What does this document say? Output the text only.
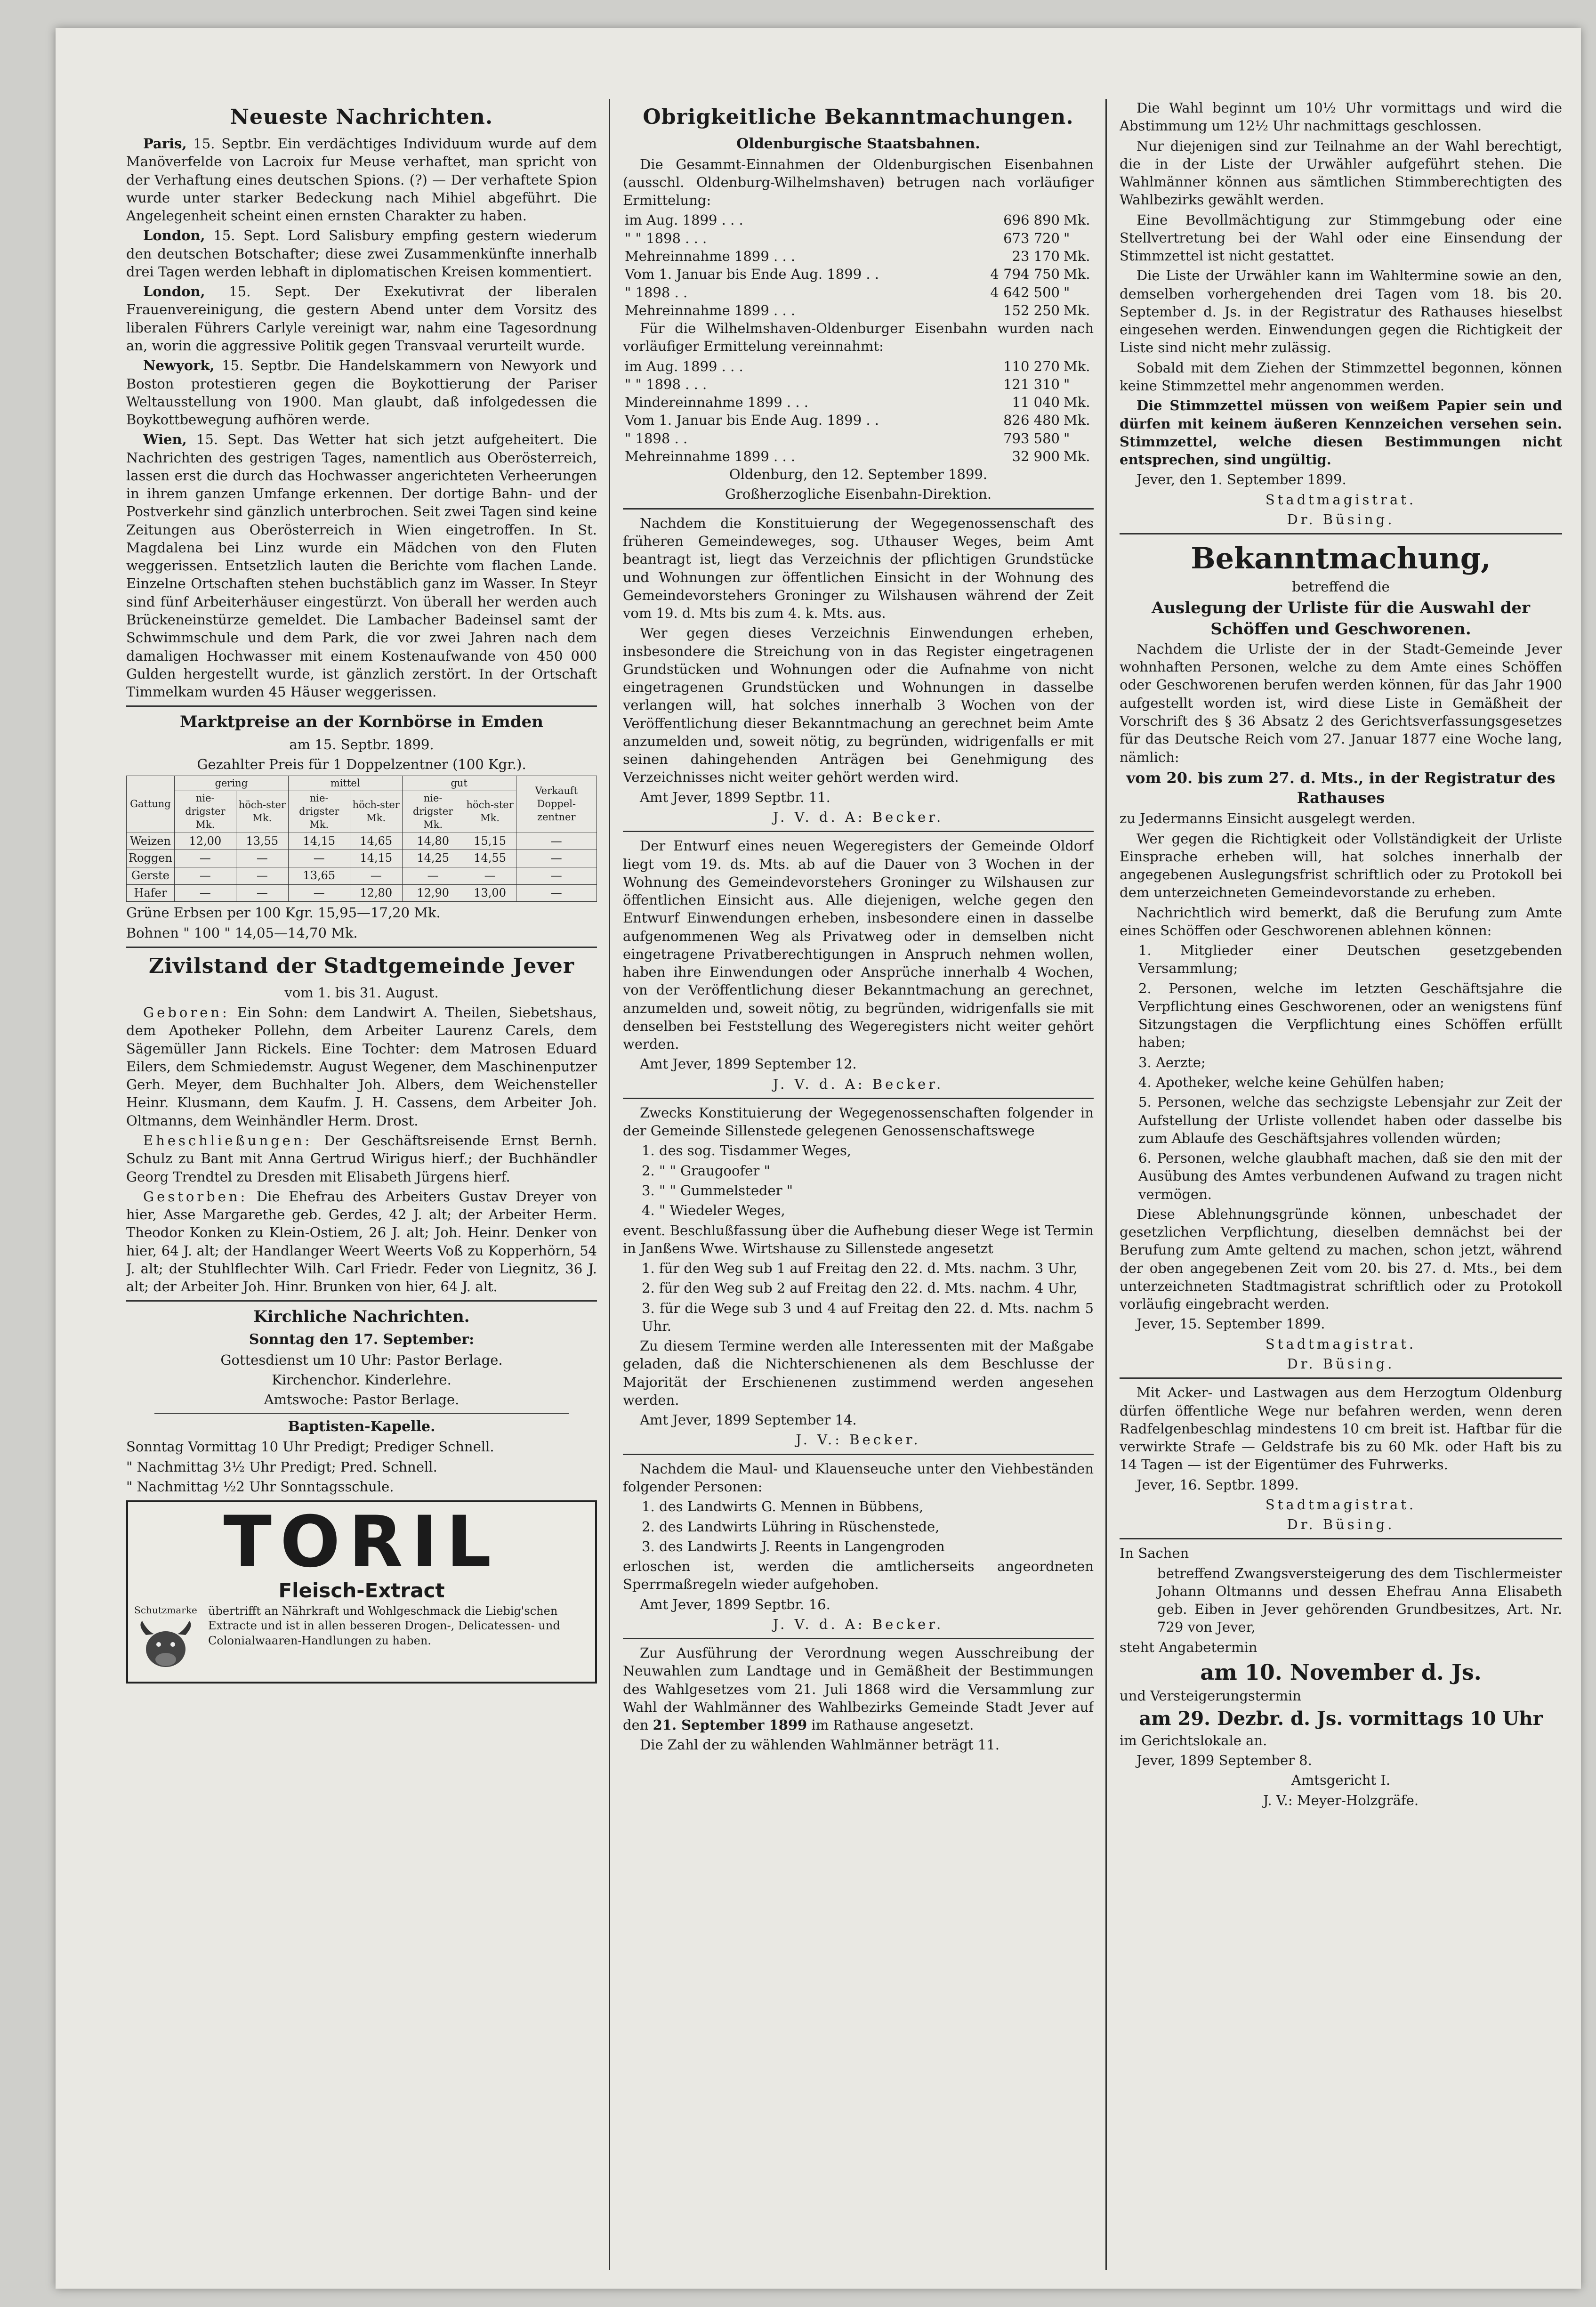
Neueste Nachrichten.

Paris, 15. Septbr. Ein verdächtiges Individuum wurde auf dem Manöverfelde von Lacroix fur Meuse verhaftet, man spricht von der Verhaftung eines deutschen Spions. (?) — Der verhaftete Spion wurde unter starker Bedeckung nach Mihiel abgeführt. Die Angelegenheit scheint einen ernsten Charakter zu haben.

London, 15. Sept. Lord Salisbury empfing gestern wiederum den deutschen Botschafter; diese zwei Zusammenkünfte innerhalb drei Tagen werden lebhaft in diplomatischen Kreisen kommentiert.

London, 15. Sept. Der Exekutivrat der liberalen Frauenvereinigung, die gestern Abend unter dem Vorsitz des liberalen Führers Carlyle vereinigt war, nahm eine Tagesordnung an, worin die aggressive Politik gegen Transvaal verurteilt wurde.

Newyork, 15. Septbr. Die Handelskammern von Newyork und Boston protestieren gegen die Boykottierung der Pariser Weltausstellung von 1900. Man glaubt, daß infolgedessen die Boykottbewegung aufhören werde.

Wien, 15. Sept. Das Wetter hat sich jetzt aufgeheitert. Die Nachrichten des gestrigen Tages, namentlich aus Oberösterreich, lassen erst die durch das Hochwasser angerichteten Verheerungen in ihrem ganzen Umfange erkennen. Der dortige Bahn- und der Postverkehr sind gänzlich unterbrochen. Seit zwei Tagen sind keine Zeitungen aus Oberösterreich in Wien eingetroffen. In St. Magdalena bei Linz wurde ein Mädchen von den Fluten weggerissen. Entsetzlich lauten die Berichte vom flachen Lande. Einzelne Ortschaften stehen buchstäblich ganz im Wasser. In Steyr sind fünf Arbeiterhäuser eingestürzt. Von überall her werden auch Brückeneinstürze gemeldet. Die Lambacher Badeinsel samt der Schwimmschule und dem Park, die vor zwei Jahren nach dem damaligen Hochwasser mit einem Kostenaufwande von 450 000 Gulden hergestellt wurde, ist gänzlich zerstört. In der Ortschaft Timmelkam wurden 45 Häuser weggerissen.

Marktpreise an der Kornbörse in Emden

am 15. Septbr. 1899.

Gezahlter Preis für 1 Doppelzentner (100 Kgr.).

Gattung	gering		mittel		gut		Verkauft Doppel-zentner
	nie-drigster Mk.	höch-ster Mk.	nie-drigster Mk.	höch-ster Mk.	nie-drigster Mk.	höch-ster Mk.	
Weizen	12,00	13,55	14,15	14,65	14,80	15,15	—
Roggen	—	—	—	14,15	14,25	14,55	—
Gerste	—	—	13,65	—	—	—	—
Hafer	—	—	—	12,80	12,90	13,00	—

Grüne Erbsen per 100 Kgr. 15,95—17,20 Mk.

Bohnen " 100 " 14,05—14,70 Mk.

Zivilstand der Stadtgemeinde Jever

vom 1. bis 31. August.

Geboren: Ein Sohn: dem Landwirt A. Theilen, Siebetshaus, dem Apotheker Pollehn, dem Arbeiter Laurenz Carels, dem Sägemüller Jann Rickels. Eine Tochter: dem Matrosen Eduard Eilers, dem Schmiedemstr. August Wegener, dem Maschinenputzer Gerh. Meyer, dem Buchhalter Joh. Albers, dem Weichensteller Heinr. Klusmann, dem Kaufm. J. H. Cassens, dem Arbeiter Joh. Oltmanns, dem Weinhändler Herm. Drost.

Eheschließungen: Der Geschäftsreisende Ernst Bernh. Schulz zu Bant mit Anna Gertrud Wirigus hierf.; der Buchhändler Georg Trendtel zu Dresden mit Elisabeth Jürgens hierf.

Gestorben: Die Ehefrau des Arbeiters Gustav Dreyer von hier, Asse Margarethe geb. Gerdes, 42 J. alt; der Arbeiter Herm. Theodor Konken zu Klein-Ostiem, 26 J. alt; Joh. Heinr. Denker von hier, 64 J. alt; der Handlanger Weert Weerts Voß zu Kopperhörn, 54 J. alt; der Stuhlflechter Wilh. Carl Friedr. Feder von Liegnitz, 36 J. alt; der Arbeiter Joh. Hinr. Brunken von hier, 64 J. alt.

Kirchliche Nachrichten.
Sonntag den 17. September:

Gottesdienst um 10 Uhr: Pastor Berlage.

Kirchenchor. Kinderlehre.

Amtswoche: Pastor Berlage.

Baptisten-Kapelle.

Sonntag Vormittag 10 Uhr Predigt; Prediger Schnell.

" Nachmittag 3½ Uhr Predigt; Pred. Schnell.

" Nachmittag ½2 Uhr Sonntagsschule.

TORIL
Fleisch-Extract
Schutzmarke übertrifft an Nährkraft und Wohlgeschmack die Liebig'schen Extracte und ist in allen besseren Drogen-, Delicatessen- und Colonialwaaren-Handlungen zu haben.
Obrigkeitliche Bekanntmachungen.
Oldenburgische Staatsbahnen.

Die Gesammt-Einnahmen der Oldenburgischen Eisenbahnen (ausschl. Oldenburg-Wilhelmshaven) betrugen nach vorläufiger Ermittelung:

im Aug. 1899 . . .	696 890	Mk.
" " 1898 . . .	673 720	"
Mehreinnahme 1899 . . .	23 170	Mk.
Vom 1. Januar bis Ende Aug. 1899 . .	4 794 750	Mk.
" 1898 . .	4 642 500	"
Mehreinnahme 1899 . . .	152 250	Mk.

Für die Wilhelmshaven-Oldenburger Eisenbahn wurden nach vorläufiger Ermittelung vereinnahmt:

im Aug. 1899 . . .	110 270	Mk.
" " 1898 . . .	121 310	"
Mindereinnahme 1899 . . .	11 040	Mk.
Vom 1. Januar bis Ende Aug. 1899 . .	826 480	Mk.
" 1898 . .	793 580	"
Mehreinnahme 1899 . . .	32 900	Mk.

Oldenburg, den 12. September 1899.

Großherzogliche Eisenbahn-Direktion.

Nachdem die Konstituierung der Wegegenossenschaft des früheren Gemeindeweges, sog. Uthauser Weges, beim Amt beantragt ist, liegt das Verzeichnis der pflichtigen Grundstücke und Wohnungen zur öffentlichen Einsicht in der Wohnung des Gemeindevorstehers Groninger zu Wilshausen während der Zeit vom 19. d. Mts bis zum 4. k. Mts. aus.

Wer gegen dieses Verzeichnis Einwendungen erheben, insbesondere die Streichung von in das Register eingetragenen Grundstücken und Wohnungen oder die Aufnahme von nicht eingetragenen Grundstücken und Wohnungen in dasselbe verlangen will, hat solches innerhalb 3 Wochen von der Veröffentlichung dieser Bekanntmachung an gerechnet beim Amte anzumelden und, soweit nötig, zu begründen, widrigenfalls er mit seinen dahingehenden Anträgen bei Genehmigung des Verzeichnisses nicht weiter gehört werden wird.

Amt Jever, 1899 Septbr. 11.

J. V. d. A: Becker.

Der Entwurf eines neuen Wegeregisters der Gemeinde Oldorf liegt vom 19. ds. Mts. ab auf die Dauer von 3 Wochen in der Wohnung des Gemeindevorstehers Groninger zu Wilshausen zur öffentlichen Einsicht aus. Alle diejenigen, welche gegen den Entwurf Einwendungen erheben, insbesondere einen in dasselbe aufgenommenen Weg als Privatweg oder in demselben nicht eingetragene Privatberechtigungen in Anspruch nehmen wollen, haben ihre Einwendungen oder Ansprüche innerhalb 4 Wochen, von der Veröffentlichung dieser Bekanntmachung an gerechnet, anzumelden und, soweit nötig, zu begründen, widrigenfalls sie mit denselben bei Feststellung des Wegeregisters nicht weiter gehört werden.

Amt Jever, 1899 September 12.

J. V. d. A: Becker.

Zwecks Konstituierung der Wegegenossenschaften folgender in der Gemeinde Sillenstede gelegenen Genossenschaftswege

1. des sog. Tisdammer Weges,

2. " " Graugoofer "

3. " " Gummelsteder "

4. " Wiedeler Weges,

event. Beschlußfassung über die Aufhebung dieser Wege ist Termin in Janßens Wwe. Wirtshause zu Sillenstede angesetzt

1. für den Weg sub 1 auf Freitag den 22. d. Mts. nachm. 3 Uhr,

2. für den Weg sub 2 auf Freitag den 22. d. Mts. nachm. 4 Uhr,

3. für die Wege sub 3 und 4 auf Freitag den 22. d. Mts. nachm 5 Uhr.

Zu diesem Termine werden alle Interessenten mit der Maßgabe geladen, daß die Nichterschienenen als dem Beschlusse der Majorität der Erschienenen zustimmend werden angesehen werden.

Amt Jever, 1899 September 14.

J. V.: Becker.

Nachdem die Maul- und Klauenseuche unter den Viehbeständen folgender Personen:

1. des Landwirts G. Mennen in Bübbens,

2. des Landwirts Lühring in Rüschenstede,

3. des Landwirts J. Reents in Langengroden

erloschen ist, werden die amtlicherseits angeordneten Sperrmaßregeln wieder aufgehoben.

Amt Jever, 1899 Septbr. 16.

J. V. d. A: Becker.

Zur Ausführung der Verordnung wegen Ausschreibung der Neuwahlen zum Landtage und in Gemäßheit der Bestimmungen des Wahlgesetzes vom 21. Juli 1868 wird die Versammlung zur Wahl der Wahlmänner des Wahlbezirks Gemeinde Stadt Jever auf den 21. September 1899 im Rathause angesetzt.

Die Zahl der zu wählenden Wahlmänner beträgt 11.

Die Wahl beginnt um 10½ Uhr vormittags und wird die Abstimmung um 12½ Uhr nachmittags geschlossen.

Nur diejenigen sind zur Teilnahme an der Wahl berechtigt, die in der Liste der Urwähler aufgeführt stehen. Die Wahlmänner können aus sämtlichen Stimmberechtigten des Wahlbezirks gewählt werden.

Eine Bevollmächtigung zur Stimmgebung oder eine Stellvertretung bei der Wahl oder eine Einsendung der Stimmzettel ist nicht gestattet.

Die Liste der Urwähler kann im Wahltermine sowie an den, demselben vorhergehenden drei Tagen vom 18. bis 20. September d. Js. in der Registratur des Rathauses hieselbst eingesehen werden. Einwendungen gegen die Richtigkeit der Liste sind nicht mehr zulässig.

Sobald mit dem Ziehen der Stimmzettel begonnen, können keine Stimmzettel mehr angenommen werden.

Die Stimmzettel müssen von weißem Papier sein und dürfen mit keinem äußeren Kennzeichen versehen sein. Stimmzettel, welche diesen Bestimmungen nicht entsprechen, sind ungültig.

Jever, den 1. September 1899.

Stadtmagistrat.

Dr. Büsing.

Bekanntmachung,

betreffend die

Auslegung der Urliste für die Auswahl der Schöffen und Geschworenen.

Nachdem die Urliste der in der Stadt-Gemeinde Jever wohnhaften Personen, welche zu dem Amte eines Schöffen oder Geschworenen berufen werden können, für das Jahr 1900 aufgestellt worden ist, wird diese Liste in Gemäßheit der Vorschrift des § 36 Absatz 2 des Gerichtsverfassungsgesetzes für das Deutsche Reich vom 27. Januar 1877 eine Woche lang, nämlich:

vom 20. bis zum 27. d. Mts., in der Registratur des Rathauses

zu Jedermanns Einsicht ausgelegt werden.

Wer gegen die Richtigkeit oder Vollständigkeit der Urliste Einsprache erheben will, hat solches innerhalb der angegebenen Auslegungsfrist schriftlich oder zu Protokoll bei dem unterzeichneten Gemeindevorstande zu erheben.

Nachrichtlich wird bemerkt, daß die Berufung zum Amte eines Schöffen oder Geschworenen ablehnen können:

1. Mitglieder einer Deutschen gesetzgebenden Versammlung;

2. Personen, welche im letzten Geschäftsjahre die Verpflichtung eines Geschworenen, oder an wenigstens fünf Sitzungstagen die Verpflichtung eines Schöffen erfüllt haben;

3. Aerzte;

4. Apotheker, welche keine Gehülfen haben;

5. Personen, welche das sechzigste Lebensjahr zur Zeit der Aufstellung der Urliste vollendet haben oder dasselbe bis zum Ablaufe des Geschäftsjahres vollenden würden;

6. Personen, welche glaubhaft machen, daß sie den mit der Ausübung des Amtes verbundenen Aufwand zu tragen nicht vermögen.

Diese Ablehnungsgründe können, unbeschadet der gesetzlichen Verpflichtung, dieselben demnächst bei der Berufung zum Amte geltend zu machen, schon jetzt, während der oben angegebenen Zeit vom 20. bis 27. d. Mts., bei dem unterzeichneten Stadtmagistrat schriftlich oder zu Protokoll vorläufig eingebracht werden.

Jever, 15. September 1899.

Stadtmagistrat.

Dr. Büsing.

Mit Acker- und Lastwagen aus dem Herzogtum Oldenburg dürfen öffentliche Wege nur befahren werden, wenn deren Radfelgenbeschlag mindestens 10 cm breit ist. Haftbar für die verwirkte Strafe — Geldstrafe bis zu 60 Mk. oder Haft bis zu 14 Tagen — ist der Eigentümer des Fuhrwerks.

Jever, 16. Septbr. 1899.

Stadtmagistrat.

Dr. Büsing.

In Sachen

betreffend Zwangsversteigerung des dem Tischlermeister Johann Oltmanns und dessen Ehefrau Anna Elisabeth geb. Eiben in Jever gehörenden Grundbesitzes, Art. Nr. 729 von Jever,

steht Angabetermin

am 10. November d. Js.

und Versteigerungstermin

am 29. Dezbr. d. Js. vormittags 10 Uhr

im Gerichtslokale an.

Jever, 1899 September 8.

Amtsgericht I.

J. V.: Meyer-Holzgräfe.
